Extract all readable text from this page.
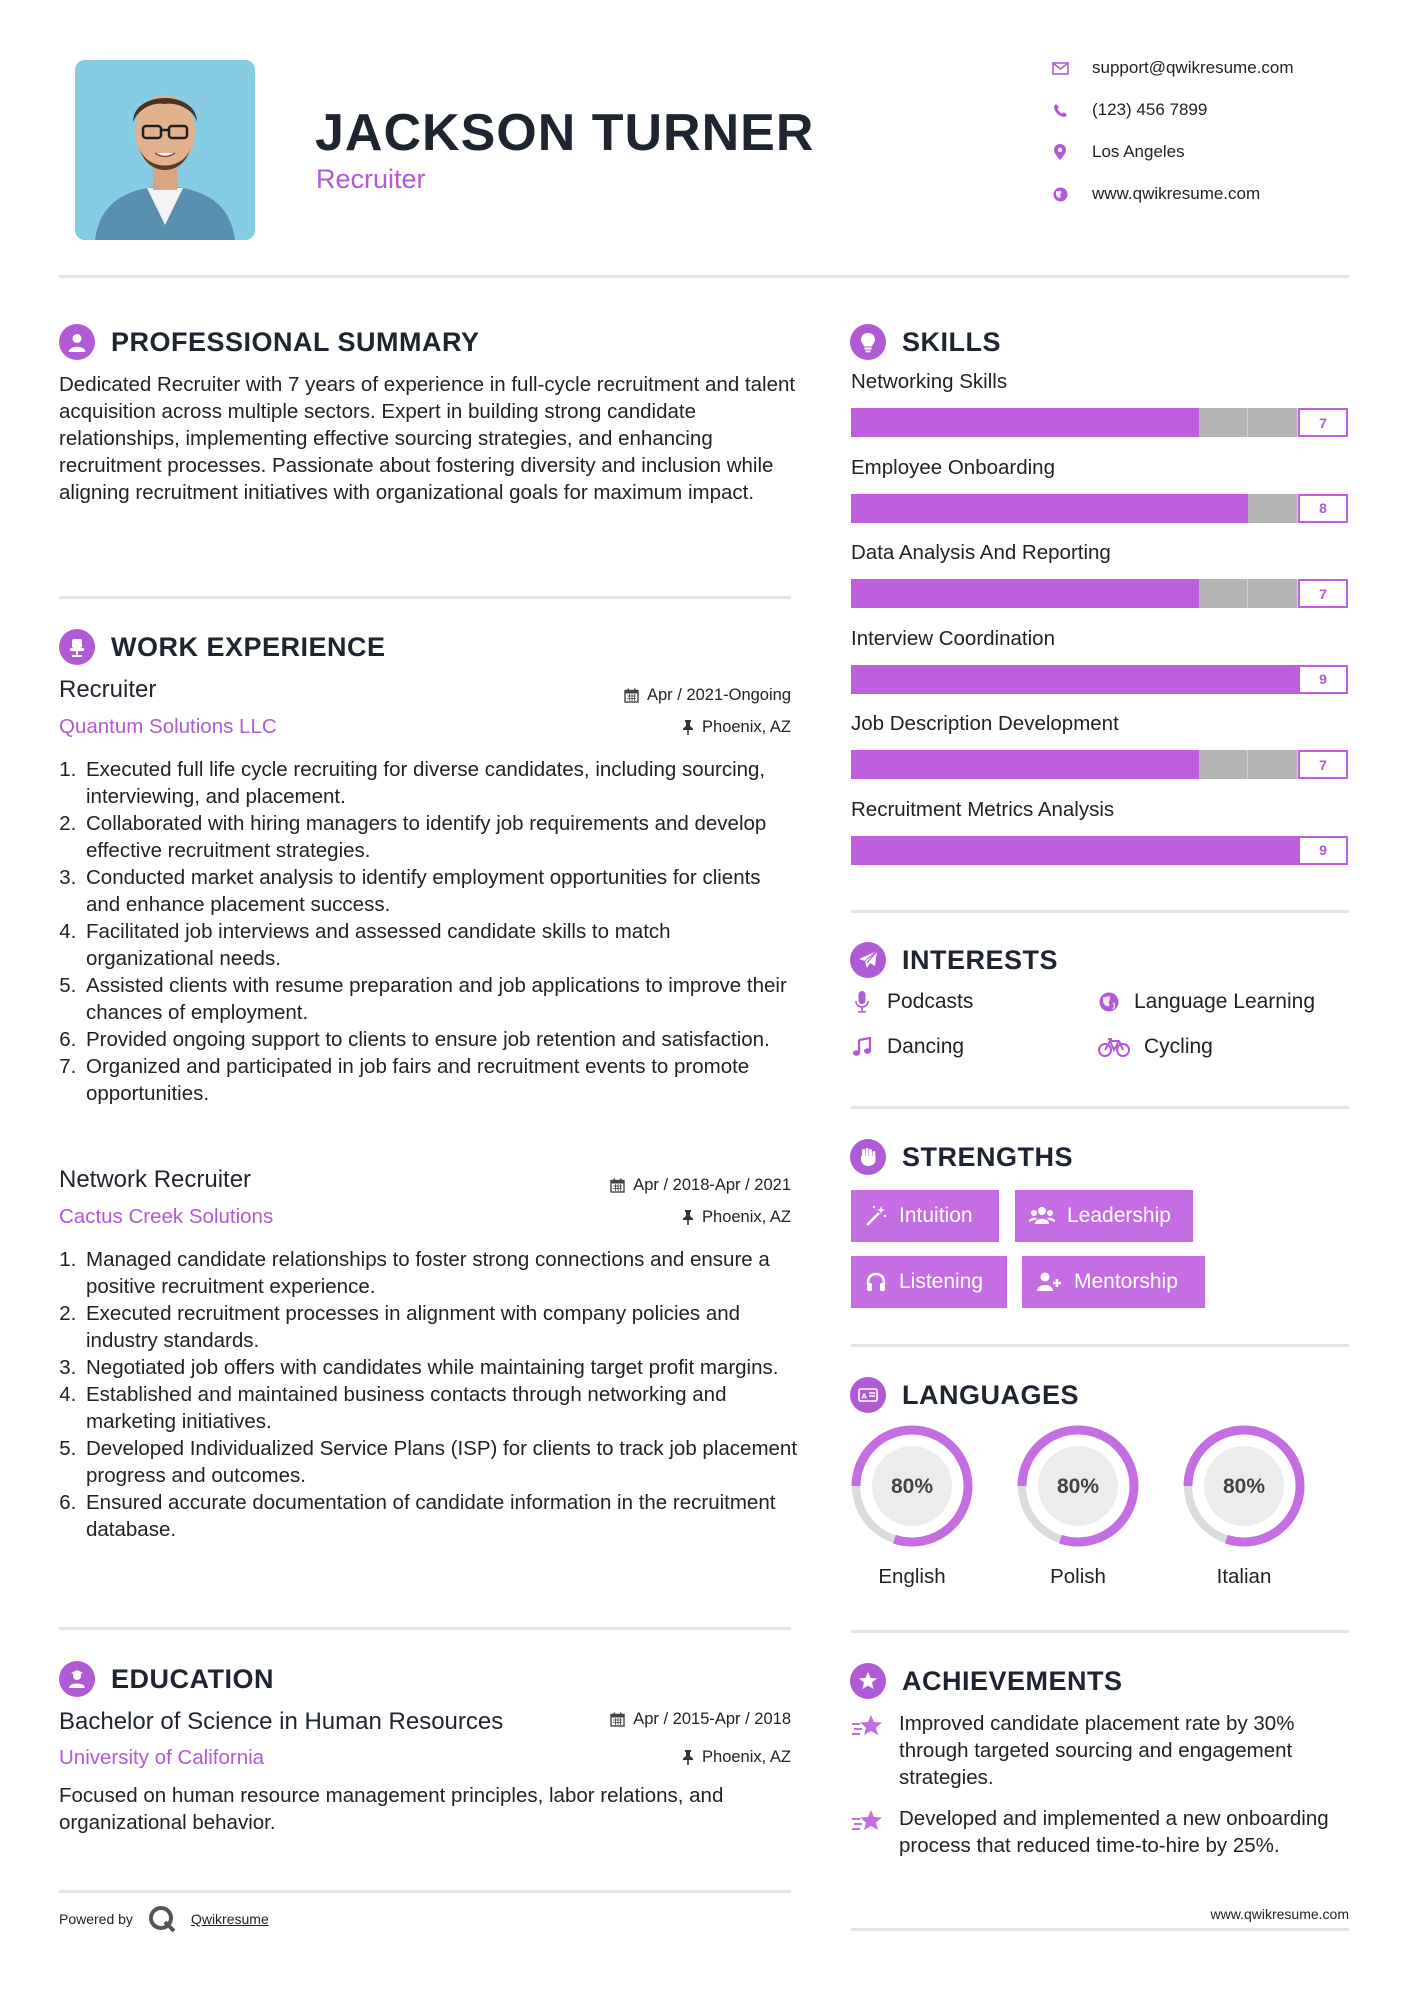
JACKSON TURNER
Recruiter
support@qwikresume.com
(123) 456 7899
Los Angeles
www.qwikresume.com
PROFESSIONAL SUMMARY
Dedicated Recruiter with 7 years of experience in full-cycle recruitment and talent acquisition across multiple sectors. Expert in building strong candidate relationships, implementing effective sourcing strategies, and enhancing recruitment processes. Passionate about fostering diversity and inclusion while aligning recruitment initiatives with organizational goals for maximum impact.
WORK EXPERIENCE
Recruiter	Apr / 2021-Ongoing
Quantum Solutions LLC	Phoenix, AZ
1. Executed full life cycle recruiting for diverse candidates, including sourcing, interviewing, and placement.
2. Collaborated with hiring managers to identify job requirements and develop effective recruitment strategies.
3. Conducted market analysis to identify employment opportunities for clients and enhance placement success.
4. Facilitated job interviews and assessed candidate skills to match organizational needs.
5. Assisted clients with resume preparation and job applications to improve their chances of employment.
6. Provided ongoing support to clients to ensure job retention and satisfaction.
7. Organized and participated in job fairs and recruitment events to promote opportunities.
Network Recruiter	Apr / 2018-Apr / 2021
Cactus Creek Solutions	Phoenix, AZ
1. Managed candidate relationships to foster strong connections and ensure a positive recruitment experience.
2. Executed recruitment processes in alignment with company policies and industry standards.
3. Negotiated job offers with candidates while maintaining target profit margins.
4. Established and maintained business contacts through networking and marketing initiatives.
5. Developed Individualized Service Plans (ISP) for clients to track job placement progress and outcomes.
6. Ensured accurate documentation of candidate information in the recruitment database.
EDUCATION
Bachelor of Science in Human Resources	Apr / 2015-Apr / 2018
University of California	Phoenix, AZ
Focused on human resource management principles, labor relations, and organizational behavior.
Powered by	Qwikresume
SKILLS
Networking Skills
7
Employee Onboarding
8
Data Analysis And Reporting
7
Interview Coordination
9
Job Description Development
7
Recruitment Metrics Analysis
9
INTERESTS
Podcasts	Language Learning
Dancing	Cycling
STRENGTHS
Intuition	Leadership
Listening	Mentorship
A LANGUAGES
80%
English
80%
Polish
80%
Italian
ACHIEVEMENTS
Improved candidate placement rate by 30% through targeted sourcing and engagement strategies.
Developed and implemented a new onboarding process that reduced time-to-hire by 25%.
www.qwikresume.com
